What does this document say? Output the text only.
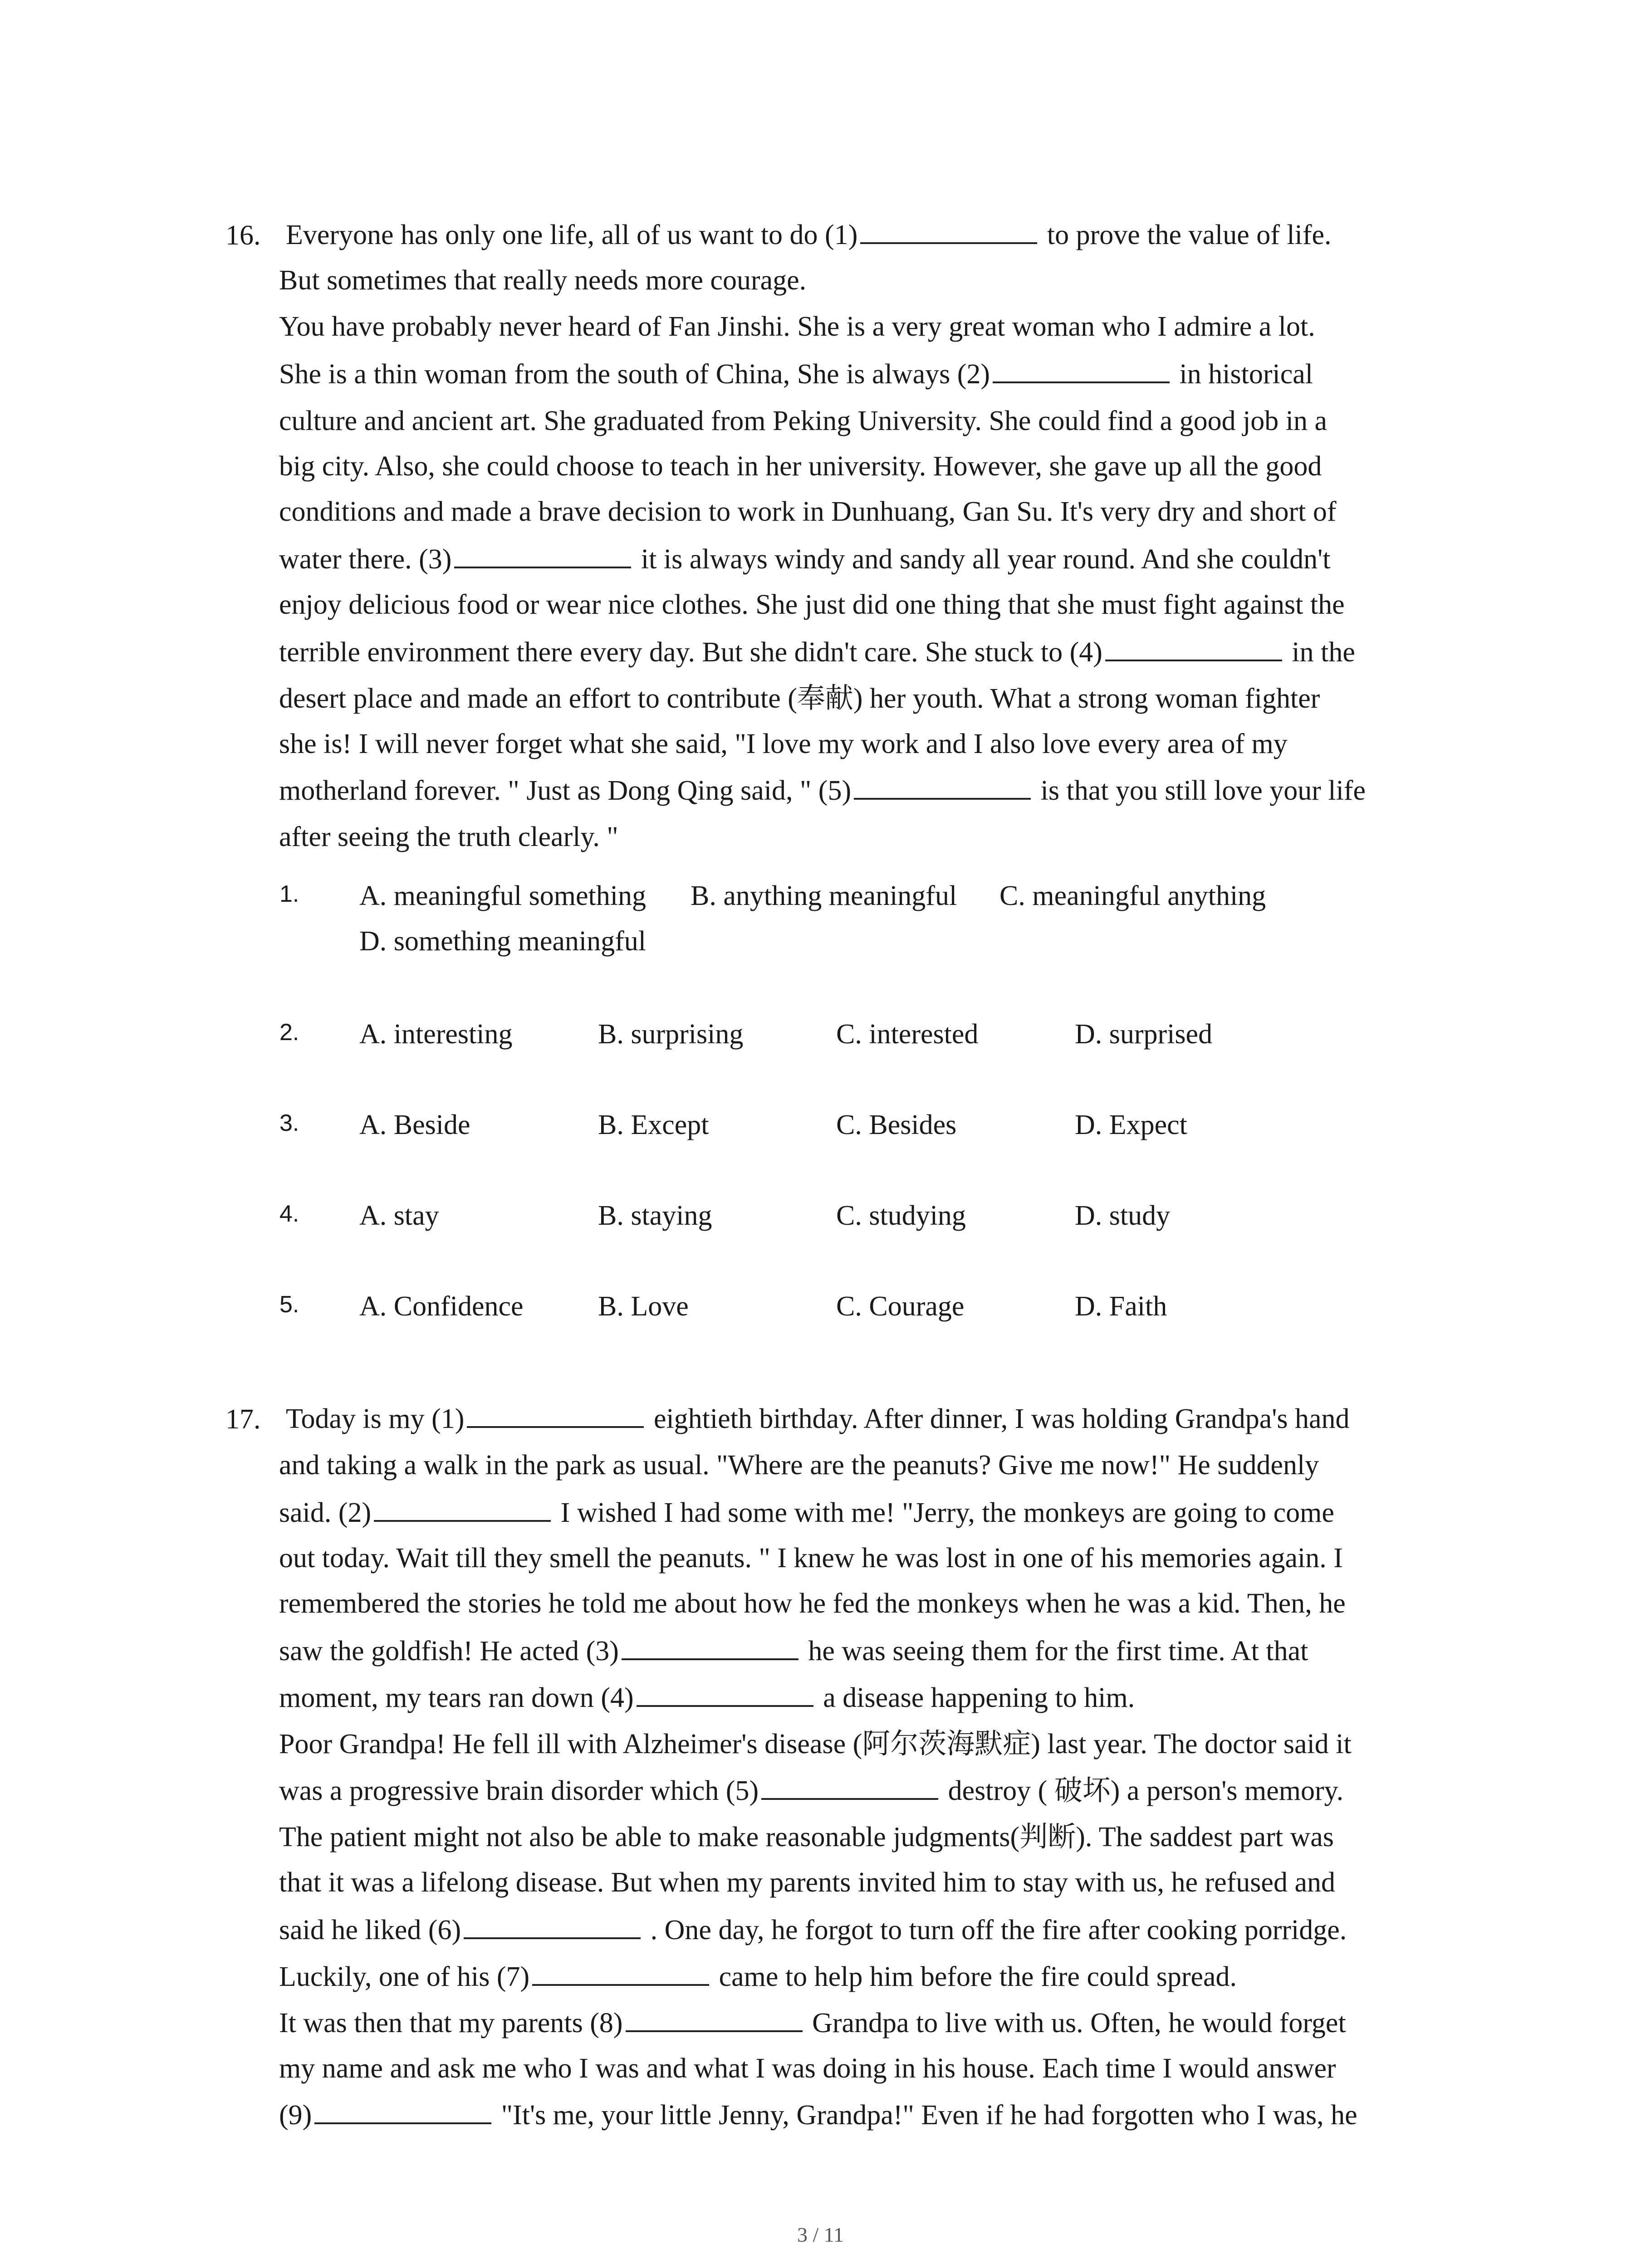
16. Everyone has only one life, all of us want to do (1)	to prove the value of life.
But sometimes that really needs more courage.
You have probably never heard of Fan Jinshi. She is a very great woman who I admire a lot.
She is a thin woman from the south of China, She is always (2)	in historical
culture and ancient art. She graduated from Peking University. She could find a good job in a
big city. Also, she could choose to teach in her university. However, she gave up all the good
conditions and made a brave decision to work in Dunhuang, Gan Su. It's very dry and short of
water there. (3)	it is always windy and sandy all year round. And she couldn't
enjoy delicious food or wear nice clothes. She just did one thing that she must fight against the
terrible environment there every day. But she didn't care. She stuck to (4)	in the
desert place and made an effort to contribute (奉献) her youth. What a strong woman fighter
she is! I will never forget what she said, "I love my work and I also love every area of my
motherland forever. " Just as Dong Qing said, " (5)	is that you still love your life
after seeing the truth clearly. "
1. A. meaningful something B. anything meaningful C. meaningful anything
D. something meaningful
2. A. interesting	B. surprising	C. interested	D. surprised
3. A. Beside	B. Except	C. Besides	D. Expect
4. A. stay	B. staying	C. studying	D. study
5. A. Confidence	B. Love	C. Courage	D. Faith
17. Today is my (1)	eightieth birthday. After dinner, I was holding Grandpa's hand
and taking a walk in the park as usual. "Where are the peanuts? Give me now!" He suddenly
said. (2)	I wished I had some with me! "Jerry, the monkeys are going to come
out today. Wait till they smell the peanuts. " I knew he was lost in one of his memories again. I
remembered the stories he told me about how he fed the monkeys when he was a kid. Then, he
saw the goldfish! He acted (3)	he was seeing them for the first time. At that
moment, my tears ran down (4)	a disease happening to him.
Poor Grandpa! He fell ill with Alzheimer's disease (阿尔茨海默症) last year. The doctor said it
was a progressive brain disorder which (5)	destroy ( 破坏) a person's memory.
The patient might not also be able to make reasonable judgments(判断). The saddest part was
that it was a lifelong disease. But when my parents invited him to stay with us, he refused and
said he liked (6)	. One day, he forgot to turn off the fire after cooking porridge.
Luckily, one of his (7)	came to help him before the fire could spread.
It was then that my parents (8)	Grandpa to live with us. Often, he would forget
my name and ask me who I was and what I was doing in his house. Each time I would answer
(9)	"It's me, your little Jenny, Grandpa!" Even if he had forgotten who I was, he
3 / 11
